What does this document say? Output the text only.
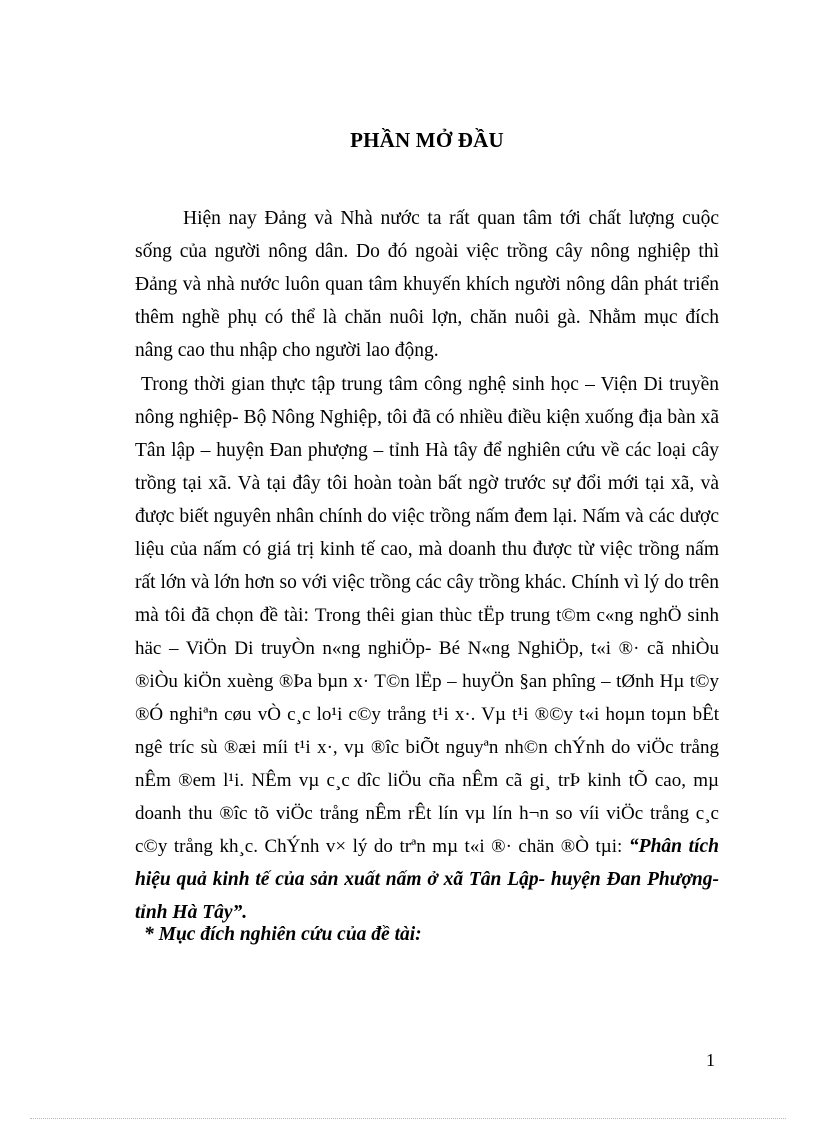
PHẦN MỞ ĐẦU
Hiện nay Đảng và Nhà nước ta rất quan tâm tới chất lượng cuộc sống của người nông dân. Do đó ngoài việc trồng cây nông nghiệp thì Đảng và nhà nước luôn quan tâm khuyến khích người nông dân phát triển thêm nghề phụ có thể là chăn nuôi lợn, chăn nuôi gà. Nhằm mục đích nâng cao thu nhập cho người lao động.
Trong thời gian thực tập trung tâm công nghệ sinh học – Viện Di truyền nông nghiệp- Bộ Nông Nghiệp, tôi đã có nhiều điều kiện xuống địa bàn xã Tân lập – huyện Đan phượng – tỉnh Hà tây để nghiên cứu về các loại cây trồng tại xã. Và tại đây tôi hoàn toàn bất ngờ trước sự đổi mới tại xã, và được biết nguyên nhân chính do việc trồng nấm đem lại. Nấm và các dược liệu của nấm có giá trị kinh tế cao, mà doanh thu được từ việc trồng nấm rất lớn và lớn hơn so với việc trồng các cây trồng khác. Chính vì lý do trên mà tôi đã chọn đề tài: Trong thêi gian thùc tËp trung t©m c«ng nghÖ sinh häc – ViÖn Di truyÒn n«ng nghiÖp- Bé N«ng NghiÖp, t«i ®· cã nhiÒu ®iÒu kiÖn xuèng ®Þa bµn x· T©n lËp – huyÖn §an phîng – tØnh Hµ t©y ®Ó nghiªn cøu vÒ c¸c lo¹i c©y trång t¹i x·. Vµ t¹i ®©y t«i hoµn toµn bÊt ngê tríc sù ®æi míi t¹i x·, vµ ®îc biÕt nguyªn nh©n chÝnh do viÖc trång nÊm ®em l¹i. NÊm vµ c¸c dîc liÖu cña nÊm cã gi¸ trÞ kinh tÕ cao, mµ doanh thu ®îc tõ viÖc trång nÊm rÊt lín vµ lín h¬n so víi viÖc trång c¸c c©y trång kh¸c. ChÝnh v× lý do trªn mµ t«i ®· chän ®Ò tµi: “Phân tích hiệu quả kinh tế của sản xuất nấm ở xã Tân Lập- huyện Đan Phượng- tỉnh Hà Tây”.
* Mục đích nghiên cứu của đề tài:
1
